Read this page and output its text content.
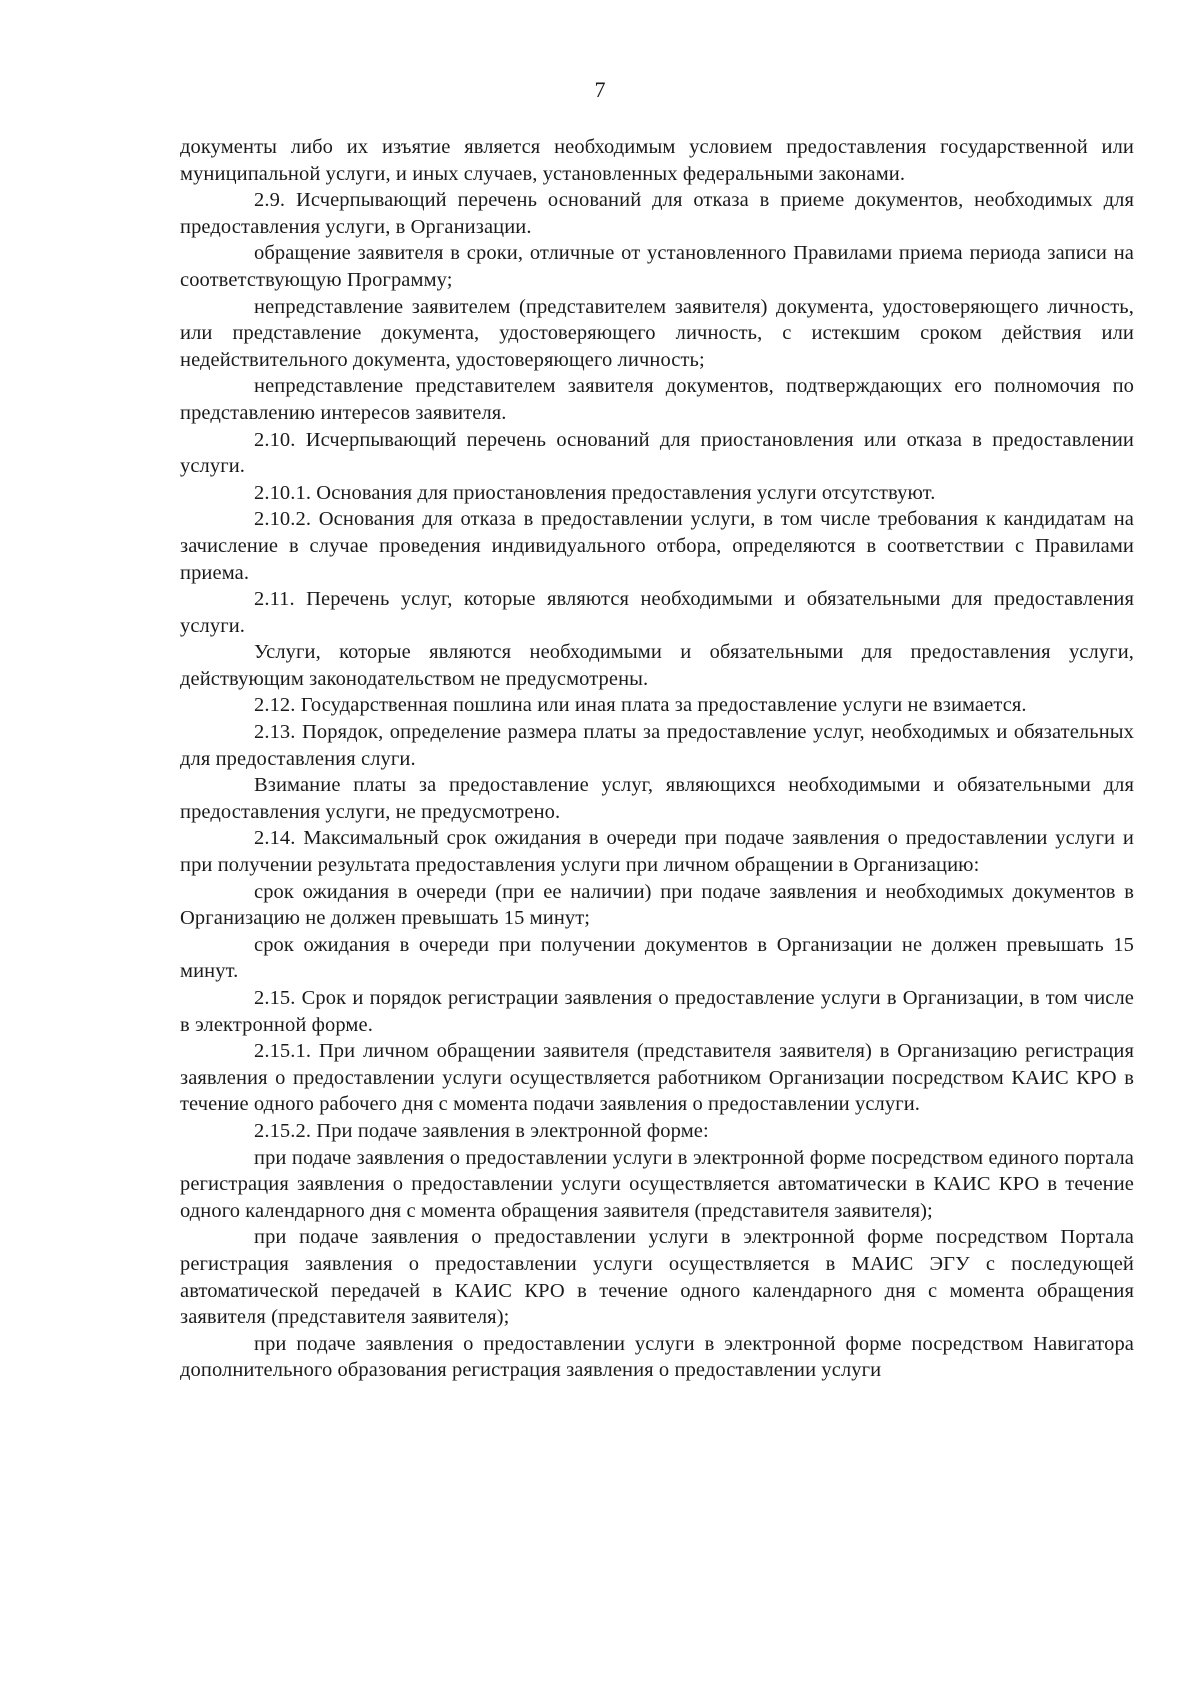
7

документы либо их изъятие является необходимым условием предоставления государственной или муниципальной услуги, и иных случаев, установленных федеральными законами.

2.9. Исчерпывающий перечень оснований для отказа в приеме документов, необходимых для предоставления услуги, в Организации.

обращение заявителя в сроки, отличные от установленного Правилами приема периода записи на соответствующую Программу;

непредставление заявителем (представителем заявителя) документа, удостоверяющего личность, или представление документа, удостоверяющего личность, с истекшим сроком действия или недействительного документа, удостоверяющего личность;

непредставление представителем заявителя документов, подтверждающих его полномочия по представлению интересов заявителя.

2.10. Исчерпывающий перечень оснований для приостановления или отказа в предоставлении услуги.

2.10.1. Основания для приостановления предоставления услуги отсутствуют.

2.10.2. Основания для отказа в предоставлении услуги, в том числе требования к кандидатам на зачисление в случае проведения индивидуального отбора, определяются в соответствии с Правилами приема.

2.11. Перечень услуг, которые являются необходимыми и обязательными для предоставления услуги.

Услуги, которые являются необходимыми и обязательными для предоставления услуги, действующим законодательством не предусмотрены.

2.12. Государственная пошлина или иная плата за предоставление услуги не взимается.

2.13. Порядок, определение размера платы за предоставление услуг, необходимых и обязательных для предоставления слуги.

Взимание платы за предоставление услуг, являющихся необходимыми и обязательными для предоставления услуги, не предусмотрено.

2.14. Максимальный срок ожидания в очереди при подаче заявления о предоставлении услуги и при получении результата предоставления услуги при личном обращении в Организацию:

срок ожидания в очереди (при ее наличии) при подаче заявления и необходимых документов в Организацию не должен превышать 15 минут;

срок ожидания в очереди при получении документов в Организации не должен превышать 15 минут.

2.15. Срок и порядок регистрации заявления о предоставление услуги в Организации, в том числе в электронной форме.

2.15.1. При личном обращении заявителя (представителя заявителя) в Организацию регистрация заявления о предоставлении услуги осуществляется работником Организации посредством КАИС КРО в течение одного рабочего дня с момента подачи заявления о предоставлении услуги.

2.15.2. При подаче заявления в электронной форме:

при подаче заявления о предоставлении услуги в электронной форме посредством единого портала регистрация заявления о предоставлении услуги осуществляется автоматически в КАИС КРО в течение одного календарного дня с момента обращения заявителя (представителя заявителя);

при подаче заявления о предоставлении услуги в электронной форме посредством Портала регистрация заявления о предоставлении услуги осуществляется в МАИС ЭГУ с последующей автоматической передачей в КАИС КРО в течение одного календарного дня с момента обращения заявителя (представителя заявителя);

при подаче заявления о предоставлении услуги в электронной форме посредством Навигатора дополнительного образования регистрация заявления о предоставлении услуги
